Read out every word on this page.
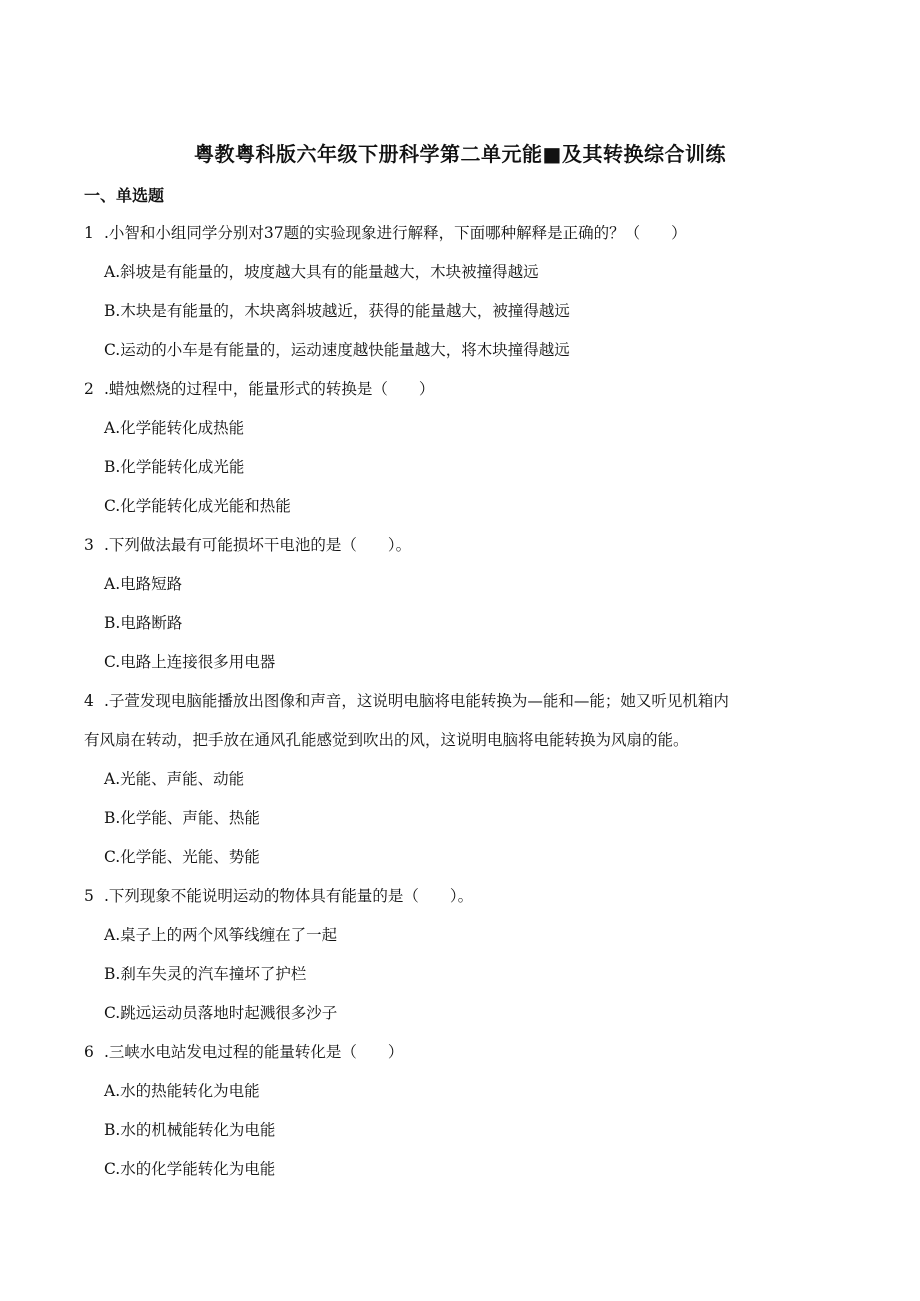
粤教粤科版六年级下册科学第二单元能■及其转换综合训练
一、单选题
1 .小智和小组同学分别对37题的实验现象进行解释，下面哪种解释是正确的？（　　）
A.斜坡是有能量的，坡度越大具有的能量越大，木块被撞得越远
B.木块是有能量的，木块离斜坡越近，获得的能量越大，被撞得越远
C.运动的小车是有能量的，运动速度越快能量越大，将木块撞得越远
2 .蜡烛燃烧的过程中，能量形式的转换是（　　）
A.化学能转化成热能
B.化学能转化成光能
C.化学能转化成光能和热能
3 .下列做法最有可能损坏干电池的是（　　）。
A.电路短路
B.电路断路
C.电路上连接很多用电器
4 .子萱发现电脑能播放出图像和声音，这说明电脑将电能转换为—能和—能；她又听见机箱内
有风扇在转动，把手放在通风孔能感觉到吹出的风，这说明电脑将电能转换为风扇的能。
A.光能、声能、动能
B.化学能、声能、热能
C.化学能、光能、势能
5 .下列现象不能说明运动的物体具有能量的是（　　）。
A.桌子上的两个风筝线缠在了一起
B.刹车失灵的汽车撞坏了护栏
C.跳远运动员落地时起溅很多沙子
6 .三峡水电站发电过程的能量转化是（　　）
A.水的热能转化为电能
B.水的机械能转化为电能
C.水的化学能转化为电能
